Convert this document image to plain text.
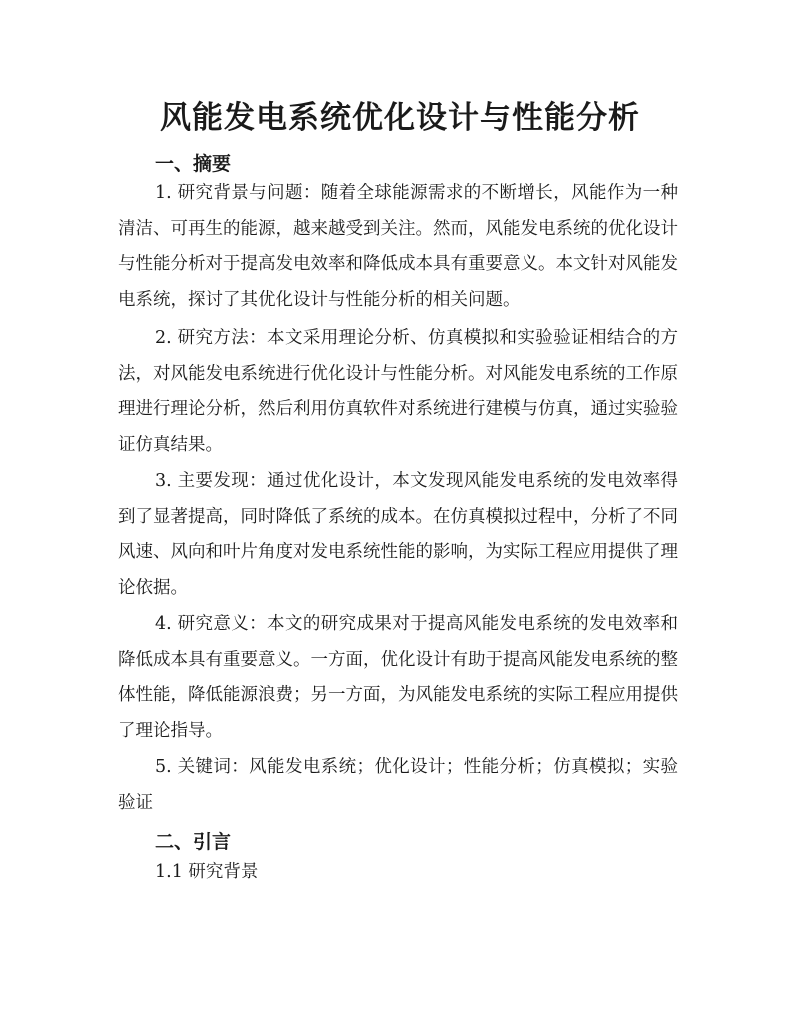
风能发电系统优化设计与性能分析
一、摘要

1. 研究背景与问题：随着全球能源需求的不断增长，风能作为一种清洁、可再生的能源，越来越受到关注。然而，风能发电系统的优化设计与性能分析对于提高发电效率和降低成本具有重要意义。本文针对风能发电系统，探讨了其优化设计与性能分析的相关问题。

2. 研究方法：本文采用理论分析、仿真模拟和实验验证相结合的方法，对风能发电系统进行优化设计与性能分析。对风能发电系统的工作原理进行理论分析，然后利用仿真软件对系统进行建模与仿真，通过实验验证仿真结果。

3. 主要发现：通过优化设计，本文发现风能发电系统的发电效率得到了显著提高，同时降低了系统的成本。在仿真模拟过程中，分析了不同风速、风向和叶片角度对发电系统性能的影响，为实际工程应用提供了理论依据。

4. 研究意义：本文的研究成果对于提高风能发电系统的发电效率和降低成本具有重要意义。一方面，优化设计有助于提高风能发电系统的整体性能，降低能源浪费；另一方面，为风能发电系统的实际工程应用提供了理论指导。

5. 关键词：风能发电系统；优化设计；性能分析；仿真模拟；实验验证

二、引言

1.1 研究背景
